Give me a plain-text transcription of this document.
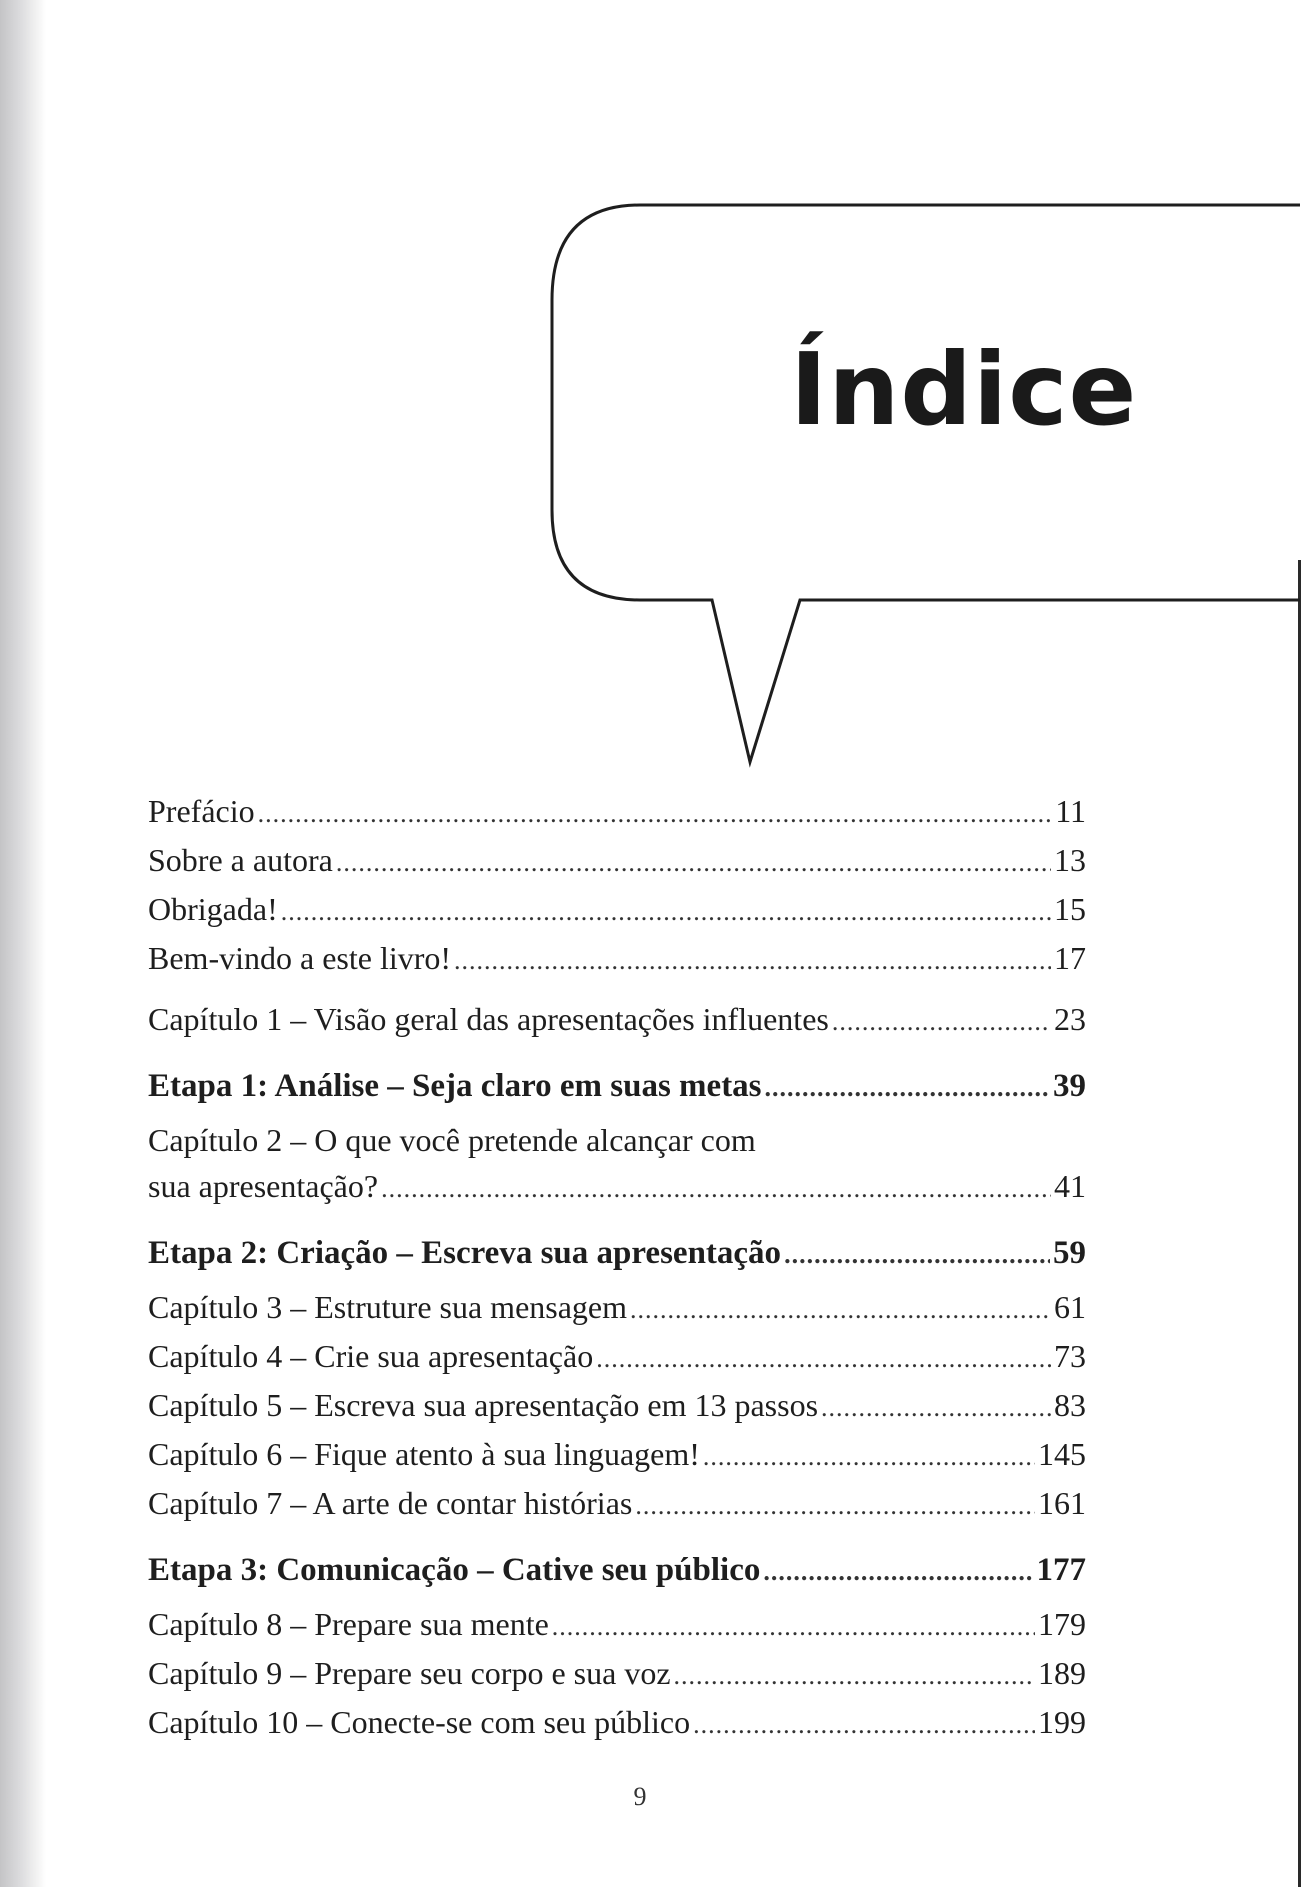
Índice
Prefácio .....	11
Sobre a autora .....	13
Obrigada! .....	15
Bem-vindo a este livro! .....	17
Capítulo 1 – Visão geral das apresentações influentes .....	23
Etapa 1: Análise – Seja claro em suas metas .....	39
Capítulo 2 – O que você pretende alcançar com
sua apresentação? .....	41
Etapa 2: Criação – Escreva sua apresentação .....	59
Capítulo 3 – Estruture sua mensagem .....	61
Capítulo 4 – Crie sua apresentação .....	73
Capítulo 5 – Escreva sua apresentação em 13 passos .....	83
Capítulo 6 – Fique atento à sua linguagem! .....	145
Capítulo 7 – A arte de contar histórias .....	161
Etapa 3: Comunicação – Cative seu público .....	177
Capítulo 8 – Prepare sua mente .....	179
Capítulo 9 – Prepare seu corpo e sua voz .....	189
Capítulo 10 – Conecte-se com seu público .....	199
9
